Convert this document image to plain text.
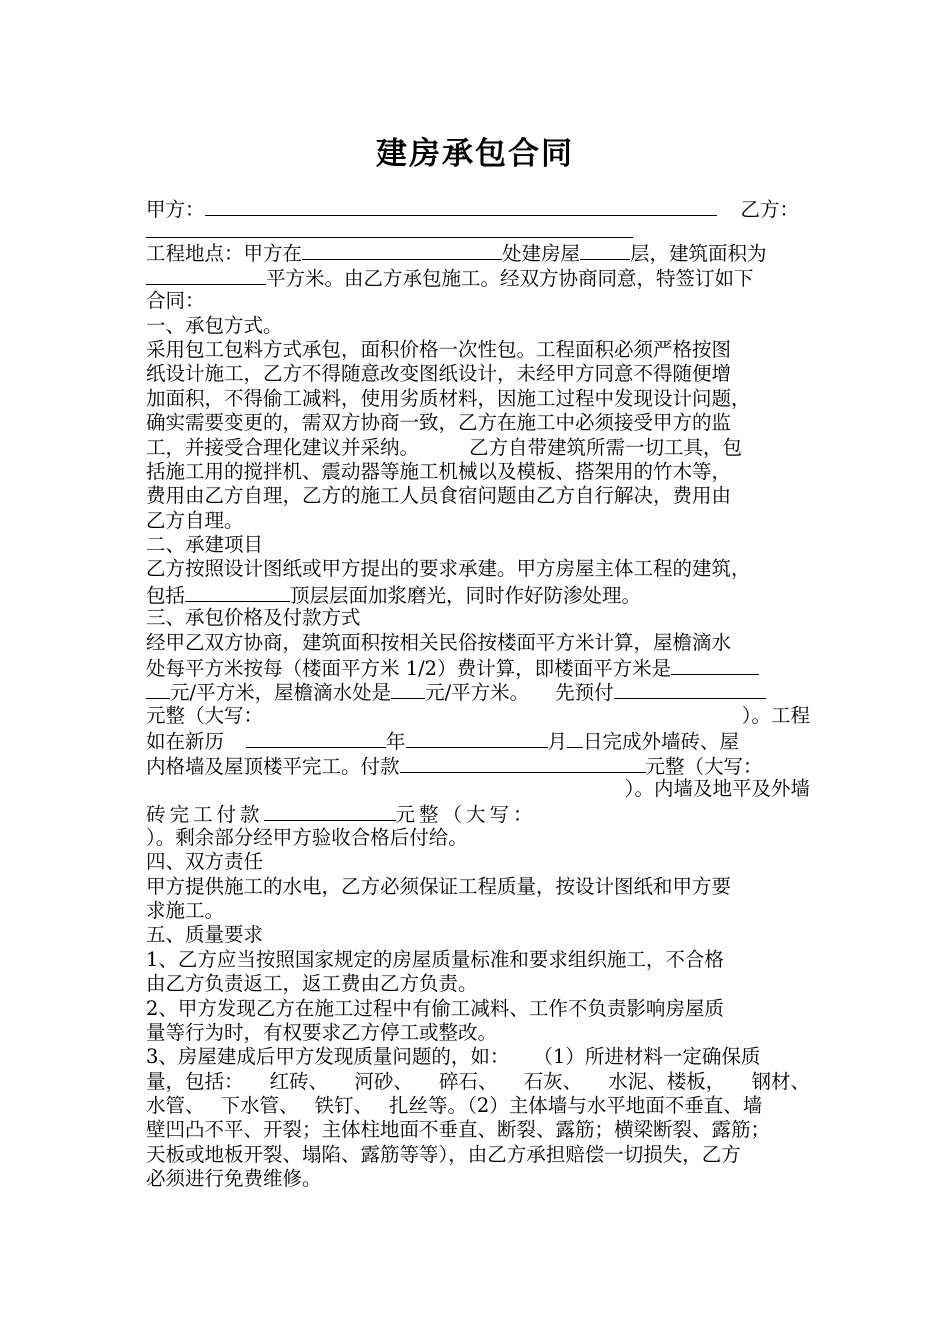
建房承包合同
甲方：	乙方：
工程地点：甲方在	处建房屋	层，建筑面积为
平方米。由乙方承包施工。经双方协商同意，特签订如下
合同：
一、承包方式。
采用包工包料方式承包，面积价格一次性包。工程面积必须严格按图
纸设计施工，乙方不得随意改变图纸设计，未经甲方同意不得随便增
加面积，不得偷工减料，使用劣质材料，因施工过程中发现设计问题，
确实需要变更的，需双方协商一致，乙方在施工中必须接受甲方的监
工，并接受合理化建议并采纳。	乙方自带建筑所需一切工具，包
括施工用的搅拌机、震动器等施工机械以及模板、搭架用的竹木等，
费用由乙方自理，乙方的施工人员食宿问题由乙方自行解决，费用由
乙方自理。
二、承建项目
乙方按照设计图纸或甲方提出的要求承建。甲方房屋主体工程的建筑，
包括	顶层层面加浆磨光，同时作好防渗处理。
三、承包价格及付款方式
经甲乙双方协商，建筑面积按相关民俗按楼面平方米计算，屋檐滴水
处每平方米按每（楼面平方米 1/2）费计算，即楼面平方米是
元/平方米，屋檐滴水处是 元/平方米。 先预付
元整（大写：	）。工程
如在新历	年	月 日完成外墙砖、屋
内格墙及屋顶楼平完工。付款	元整（大写：
）。内墙及地平及外墙
砖完工付款	元整（大写：
）。剩余部分经甲方验收合格后付给。
四、双方责任
甲方提供施工的水电，乙方必须保证工程质量，按设计图纸和甲方要
求施工。
五、质量要求
1、乙方应当按照国家规定的房屋质量标准和要求组织施工，不合格
由乙方负责返工，返工费由乙方负责。
2、甲方发现乙方在施工过程中有偷工减料、工作不负责影响房屋质
量等行为时，有权要求乙方停工或整改。
3、房屋建成后甲方发现质量问题的，如： （1）所进材料一定确保质
量，包括： 红砖、 河砂、 碎石、 石灰、 水泥、楼板， 钢材、
水管、 下水管、 铁钉、 扎丝等。（2）主体墙与水平地面不垂直、墙
壁凹凸不平、开裂；主体柱地面不垂直、断裂、露筋；横梁断裂、露筋；
天板或地板开裂、塌陷、露筋等等），由乙方承担赔偿一切损失，乙方
必须进行免费维修。
